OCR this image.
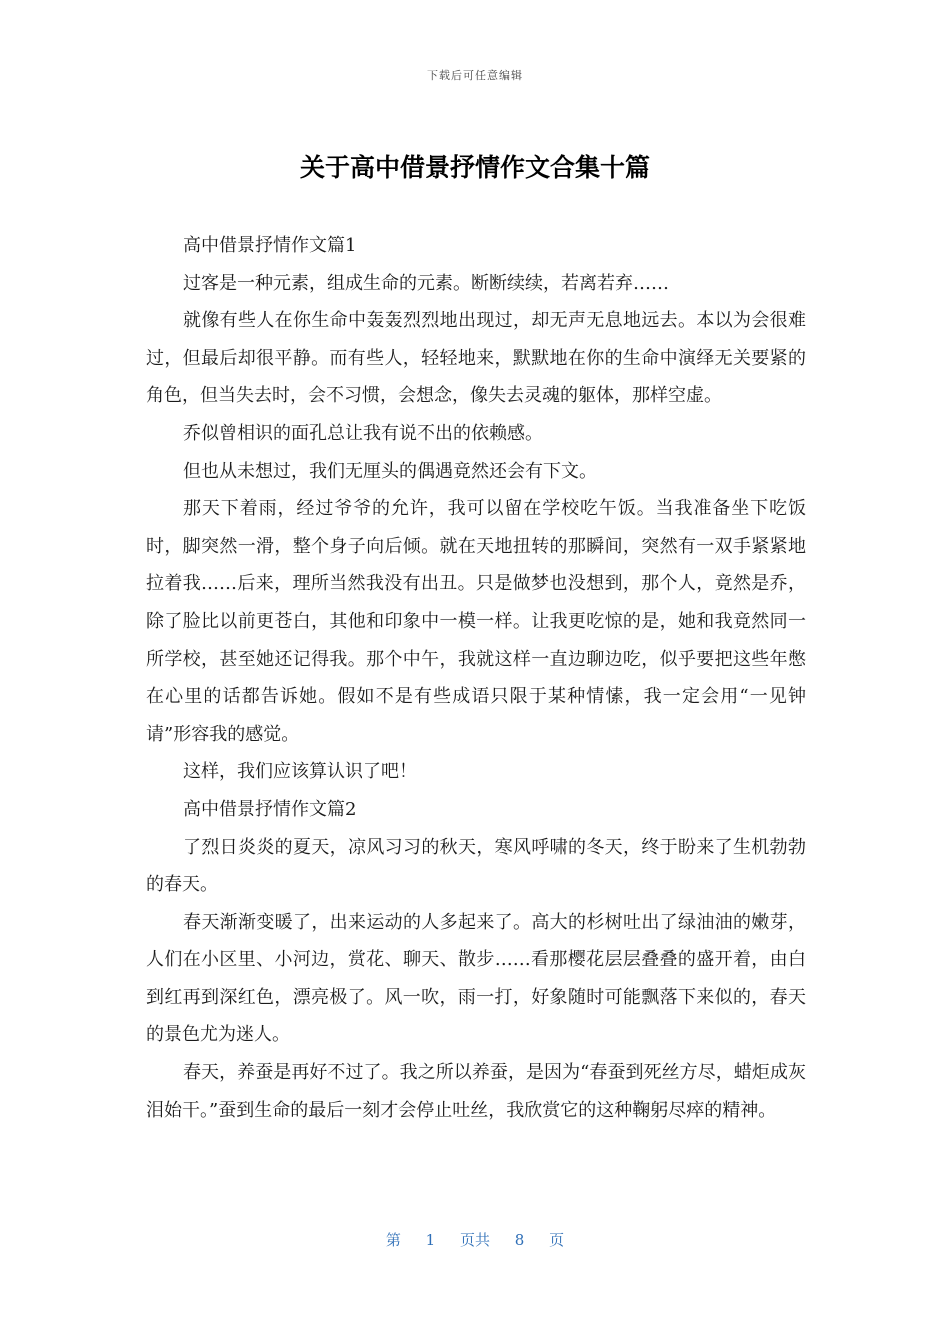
下载后可任意编辑
关于高中借景抒情作文合集十篇

高中借景抒情作文篇1

过客是一种元素，组成生命的元素。断断续续，若离若弃……

就像有些人在你生命中轰轰烈烈地出现过，却无声无息地远去。本以为会很难过，但最后却很平静。而有些人，轻轻地来，默默地在你的生命中演绎无关要紧的角色，但当失去时，会不习惯，会想念，像失去灵魂的躯体，那样空虚。

乔似曾相识的面孔总让我有说不出的依赖感。

但也从未想过，我们无厘头的偶遇竟然还会有下文。

那天下着雨，经过爷爷的允许，我可以留在学校吃午饭。当我准备坐下吃饭时，脚突然一滑，整个身子向后倾。就在天地扭转的那瞬间，突然有一双手紧紧地拉着我……后来，理所当然我没有出丑。只是做梦也没想到，那个人，竟然是乔，除了脸比以前更苍白，其他和印象中一模一样。让我更吃惊的是，她和我竟然同一所学校，甚至她还记得我。那个中午，我就这样一直边聊边吃，似乎要把这些年憋在心里的话都告诉她。假如不是有些成语只限于某种情愫，我一定会用“一见钟请”形容我的感觉。

这样，我们应该算认识了吧！

高中借景抒情作文篇2

了烈日炎炎的夏天，凉风习习的秋天，寒风呼啸的冬天，终于盼来了生机勃勃的春天。

春天渐渐变暖了，出来运动的人多起来了。高大的杉树吐出了绿油油的嫩芽，人们在小区里、小河边，赏花、聊天、散步……看那樱花层层叠叠的盛开着，由白到红再到深红色，漂亮极了。风一吹，雨一打，好象随时可能飘落下来似的，春天的景色尤为迷人。

春天，养蚕是再好不过了。我之所以养蚕，是因为“春蚕到死丝方尽，蜡炬成灰泪始干。”蚕到生命的最后一刻才会停止吐丝，我欣赏它的这种鞠躬尽瘁的精神。

第 1 页共 8 页
